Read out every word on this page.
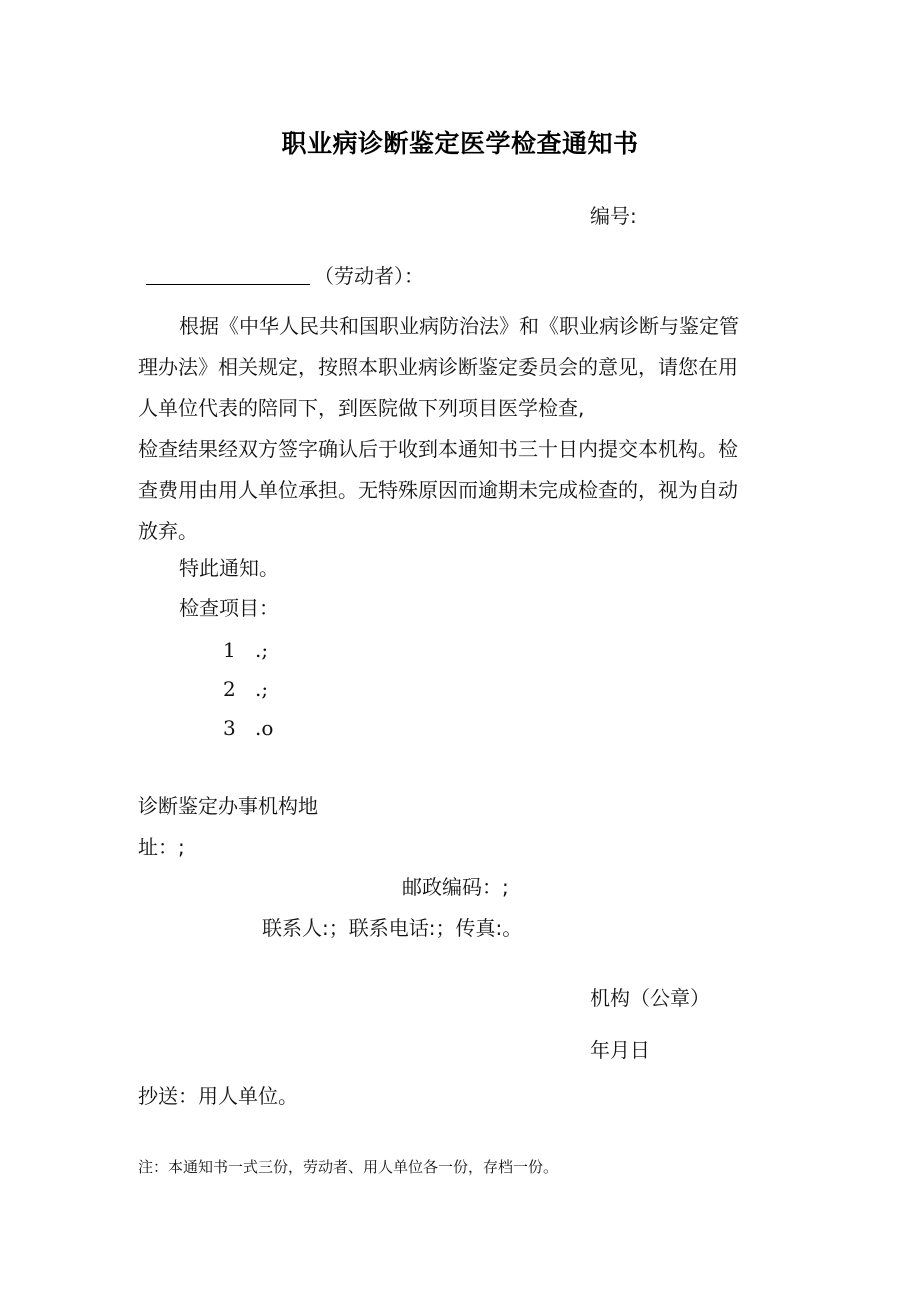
职业病诊断鉴定医学检查通知书
编号:
（劳动者）：
根据《中华人民共和国职业病防治法》和《职业病诊断与鉴定管
理办法》相关规定，按照本职业病诊断鉴定委员会的意见，请您在用
人单位代表的陪同下，到医院做下列项目医学检查,
检查结果经双方签字确认后于收到本通知书三十日内提交本机构。检
查费用由用人单位承担。无特殊原因而逾期未完成检查的，视为自动
放弃。
特此通知。
检查项目：
1 .;
2 .;
3 .o
诊断鉴定办事机构地
址：;
邮政编码：;
联系人:；联系电话:；传真:。
机构（公章）
年月日
抄送：用人单位。
注：本通知书一式三份，劳动者、用人单位各一份，存档一份。
